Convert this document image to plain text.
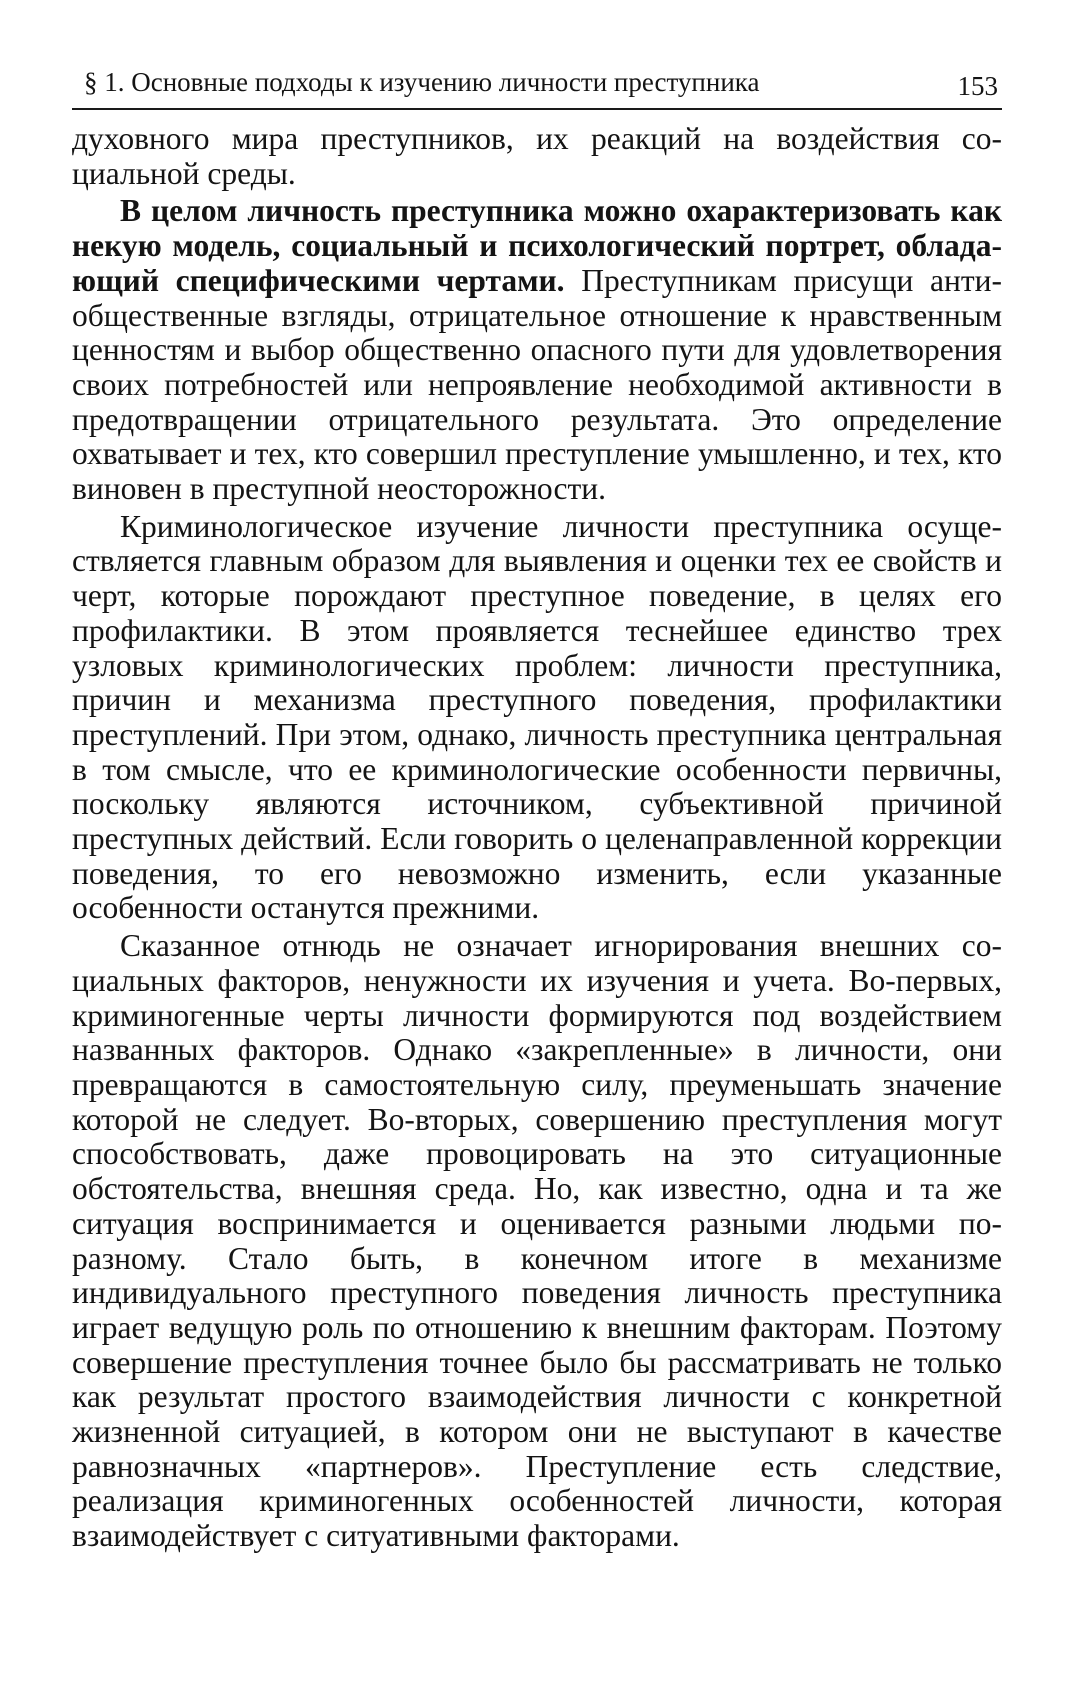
§ 1. Основные подходы к изучению личности преступника	153

духовного мира преступников, их реакций на воздействия социальной среды.

В целом личность преступника можно охарактеризовать как некую модель, социальный и психологический портрет, обладающий специфическими чертами. Преступникам присущи антиобщественные взгляды, отрицательное отношение к нравственным ценностям и выбор общественно опасного пути для удовлетворения своих потребностей или непроявление необходимой активности в предотвращении отрицательного результата. Это определение охватывает и тех, кто совершил преступление умышленно, и тех, кто виновен в преступной неосторожности.

Криминологическое изучение личности преступника осуществляется главным образом для выявления и оценки тех ее свойств и черт, которые порождают преступное поведение, в целях его профилактики. В этом проявляется теснейшее единство трех узловых криминологических проблем: личности преступника, причин и механизма преступного поведения, профилактики преступлений. При этом, однако, личность преступника центральная в том смысле, что ее криминологические особенности первичны, поскольку являются источником, субъективной причиной преступных действий. Если говорить о целенаправленной коррекции поведения, то его невозможно изменить, если указанные особенности останутся прежними.

Сказанное отнюдь не означает игнорирования внешних социальных факторов, ненужности их изучения и учета. Во-первых, криминогенные черты личности формируются под воздействием названных факторов. Однако «закрепленные» в личности, они превращаются в самостоятельную силу, преуменьшать значение которой не следует. Во-вторых, совершению преступления могут способствовать, даже провоцировать на это ситуационные обстоятельства, внешняя среда. Но, как известно, одна и та же ситуация воспринимается и оценивается разными людьми по-разному. Стало быть, в конечном итоге в механизме индивидуального преступного поведения личность преступника играет ведущую роль по отношению к внешним факторам. Поэтому совершение преступления точнее было бы рассматривать не только как результат простого взаимодействия личности с конкретной жизненной ситуацией, в котором они не выступают в качестве равнозначных «партнеров». Преступление есть следствие, реализация криминогенных особенностей личности, которая взаимодействует с ситуативными факторами.
